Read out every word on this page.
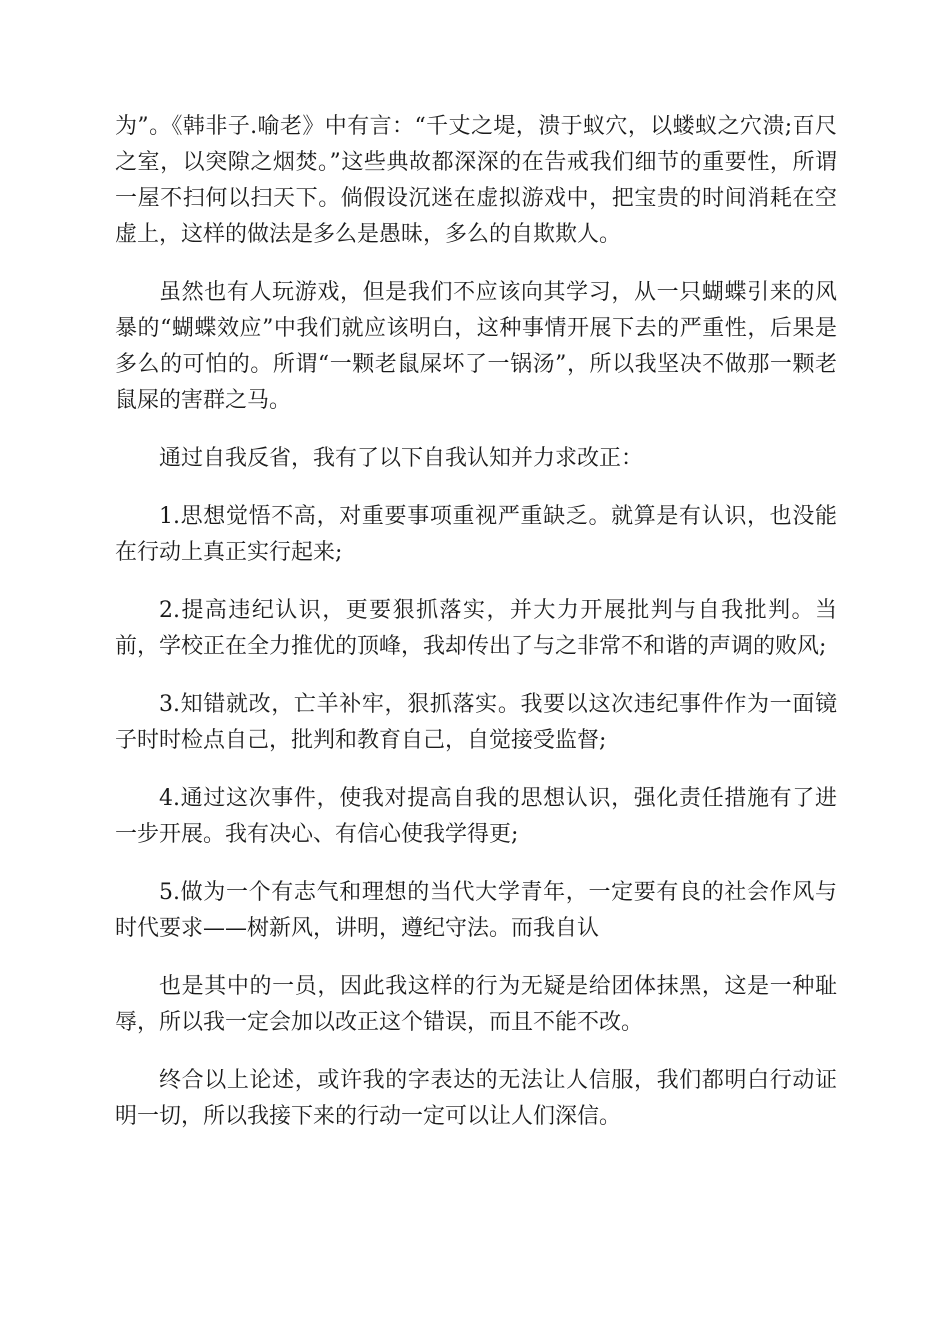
为”。《韩非子.喻老》中有言：“千丈之堤，溃于蚁穴，以蝼蚁之穴溃;百尺之室，以突隙之烟焚。”这些典故都深深的在告戒我们细节的重要性，所谓一屋不扫何以扫天下。倘假设沉迷在虚拟游戏中，把宝贵的时间消耗在空虚上，这样的做法是多么是愚昧，多么的自欺欺人。

虽然也有人玩游戏，但是我们不应该向其学习，从一只蝴蝶引来的风暴的“蝴蝶效应”中我们就应该明白，这种事情开展下去的严重性，后果是多么的可怕的。所谓“一颗老鼠屎坏了一锅汤”，所以我坚决不做那一颗老鼠屎的害群之马。

通过自我反省，我有了以下自我认知并力求改正：

1.思想觉悟不高，对重要事项重视严重缺乏。就算是有认识，也没能在行动上真正实行起来;

2.提高违纪认识，更要狠抓落实，并大力开展批判与自我批判。当前，学校正在全力推优的顶峰，我却传出了与之非常不和谐的声调的败风;

3.知错就改，亡羊补牢，狠抓落实。我要以这次违纪事件作为一面镜子时时检点自己，批判和教育自己，自觉接受监督;

4.通过这次事件，使我对提高自我的思想认识，强化责任措施有了进一步开展。我有决心、有信心使我学得更;

5.做为一个有志气和理想的当代大学青年，一定要有良的社会作风与时代要求——树新风，讲明，遵纪守法。而我自认

也是其中的一员，因此我这样的行为无疑是给团体抹黑，这是一种耻辱，所以我一定会加以改正这个错误，而且不能不改。

终合以上论述，或许我的字表达的无法让人信服，我们都明白行动证明一切，所以我接下来的行动一定可以让人们深信。
